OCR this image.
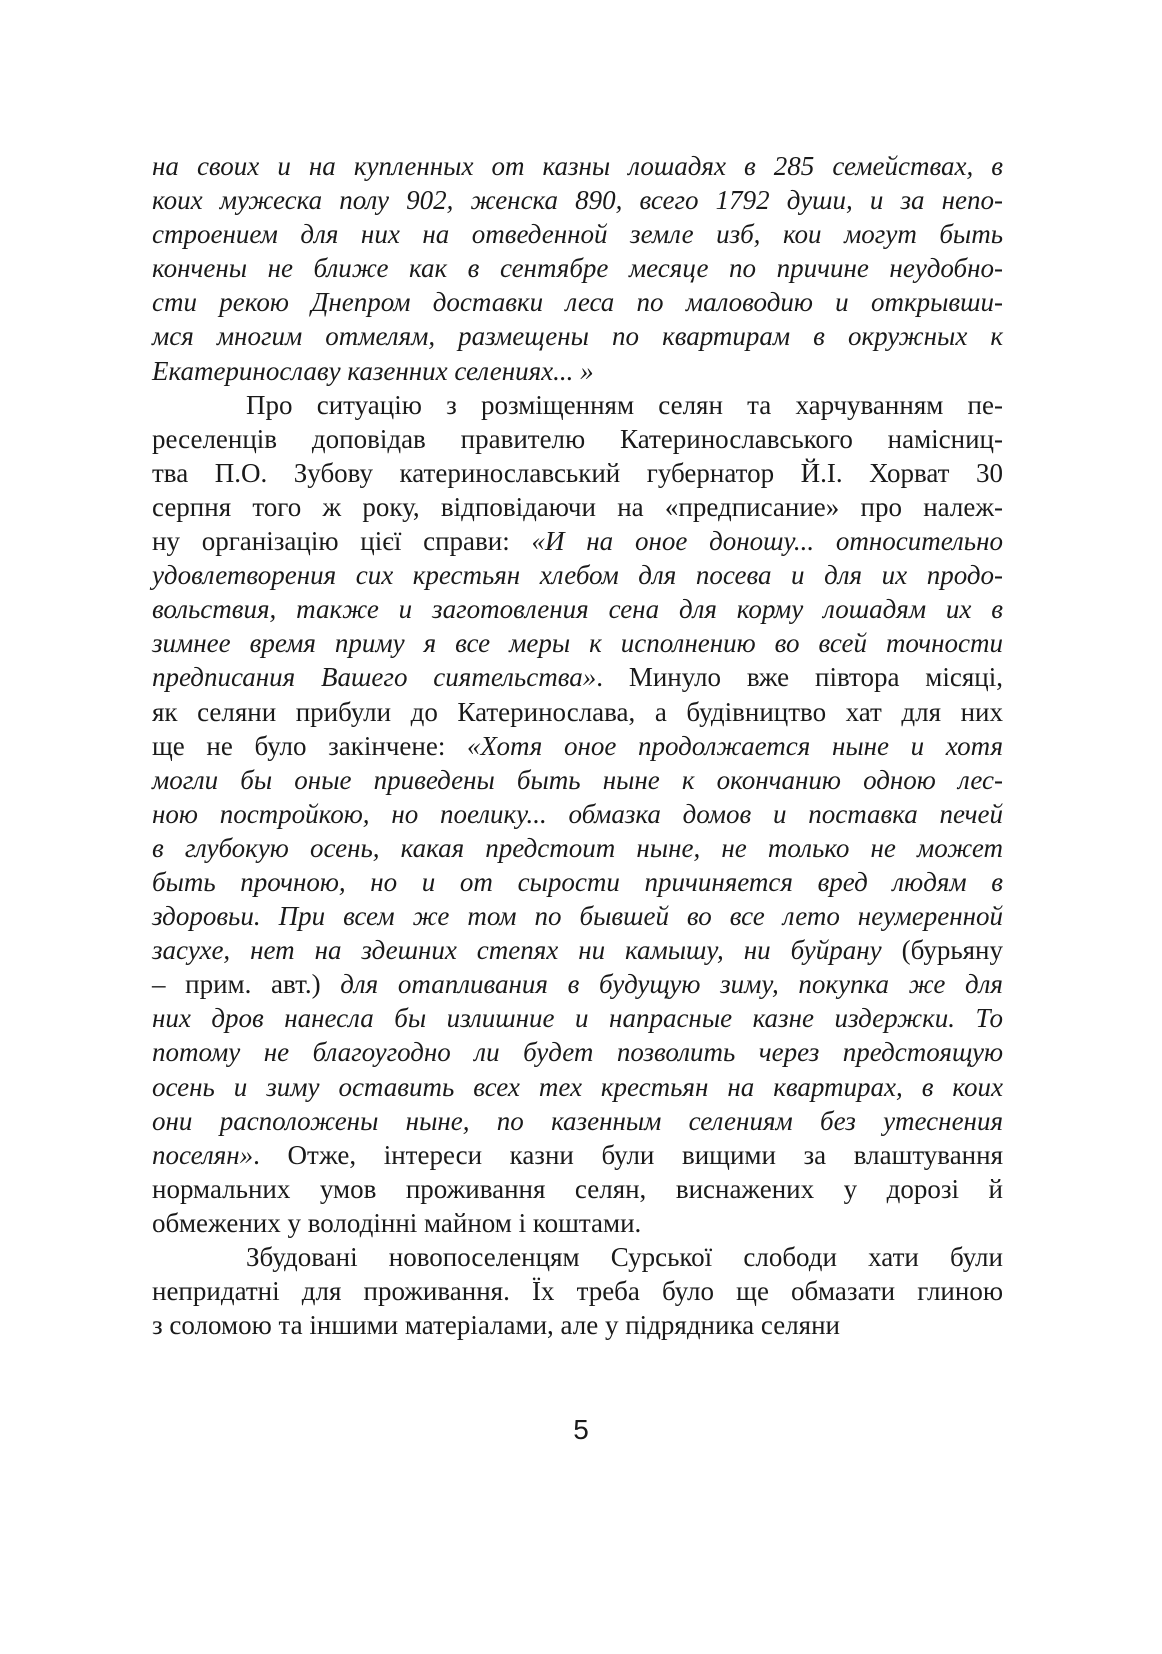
на своих и на купленных от казны лошадях в 285 семействах, в
коих мужеска полу 902, женска 890, всего 1792 души, и за непо-
строением для них на отведенной земле изб, кои могут быть
кончены не ближе как в сентябре месяце по причине неудобно-
сти рекою Днепром доставки леса по маловодию и открывши-
мся многим отмелям, размещены по квартирам в окружных к
Екатеринославу казенних селениях... »
Про ситуацію з розміщенням селян та харчуванням пе-
реселенців доповідав правителю Катеринославського намісниц-
тва П.О. Зубову катеринославський губернатор Й.І. Хорват 30
серпня того ж року, відповідаючи на «предписание» про належ-
ну організацію цієї справи: «И на оное доношу... относительно
удовлетворения сих крестьян хлебом для посева и для их продо-
вольствия, также и заготовления сена для корму лошадям их в
зимнее время приму я все меры к исполнению во всей точности
предписания Вашего сиятельства». Минуло вже півтора місяці,
як селяни прибули до Катеринослава, а будівництво хат для них
ще не було закінчене: «Хотя оное продолжается ныне и хотя
могли бы оные приведены быть ныне к окончанию одною лес-
ною постройкою, но поелику... обмазка домов и поставка печей
в глубокую осень, какая предстоит ныне, не только не может
быть прочною, но и от сырости причиняется вред людям в
здоровьи. При всем же том по бывшей во все лето неумеренной
засухе, нет на здешних степях ни камышу, ни буйрану (бурьяну
– прим. авт.) для отапливания в будущую зиму, покупка же для
них дров нанесла бы излишние и напрасные казне издержки. То
потому не благоугодно ли будет позволить через предстоящую
осень и зиму оставить всех тех крестьян на квартирах, в коих
они расположены ныне, по казенным селениям без утеснения
поселян». Отже, інтереси казни були вищими за влаштування
нормальних умов проживання селян, виснажених у дорозі й
обмежених у володінні майном і коштами.
Збудовані новопоселенцям Сурської слободи хати були
непридатні для проживання. Їх треба було ще обмазати глиною
з соломою та іншими матеріалами, але у підрядника селяни
5
